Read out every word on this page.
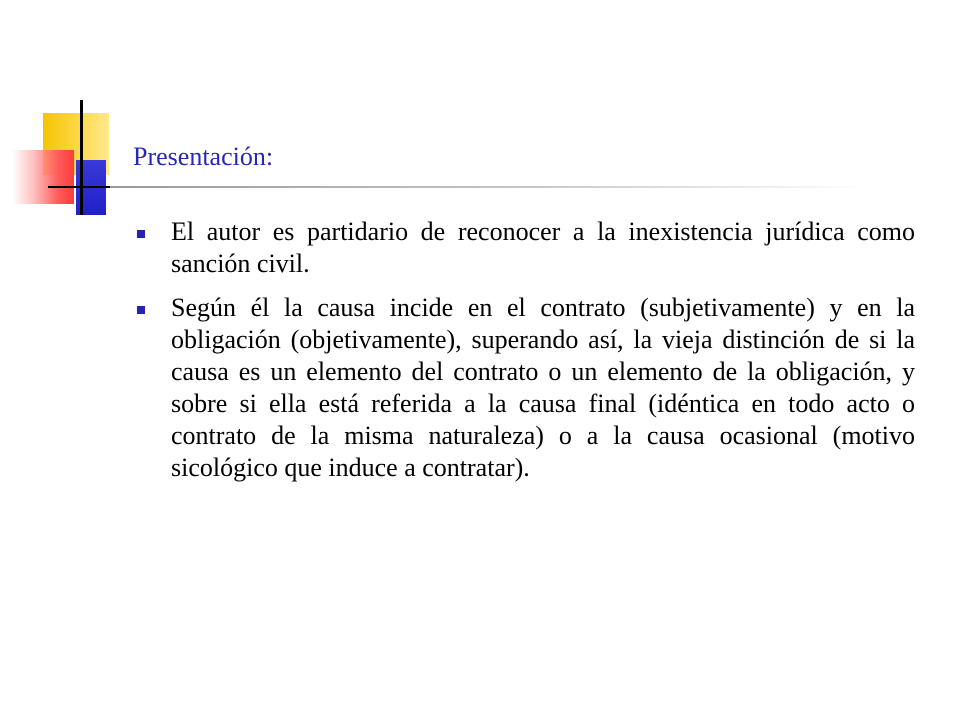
Presentación:
El autor es partidario de reconocer a la inexistencia jurídica como sanción civil.
Según él la causa incide en el contrato (subjetivamente) y en la obligación (objetivamente), superando así, la vieja distinción de si la causa es un elemento del contrato o un elemento de la obligación, y sobre si ella está referida a la causa final (idéntica en todo acto o contrato de la misma naturaleza) o a la causa ocasional (motivo sicológico que induce a contratar).
